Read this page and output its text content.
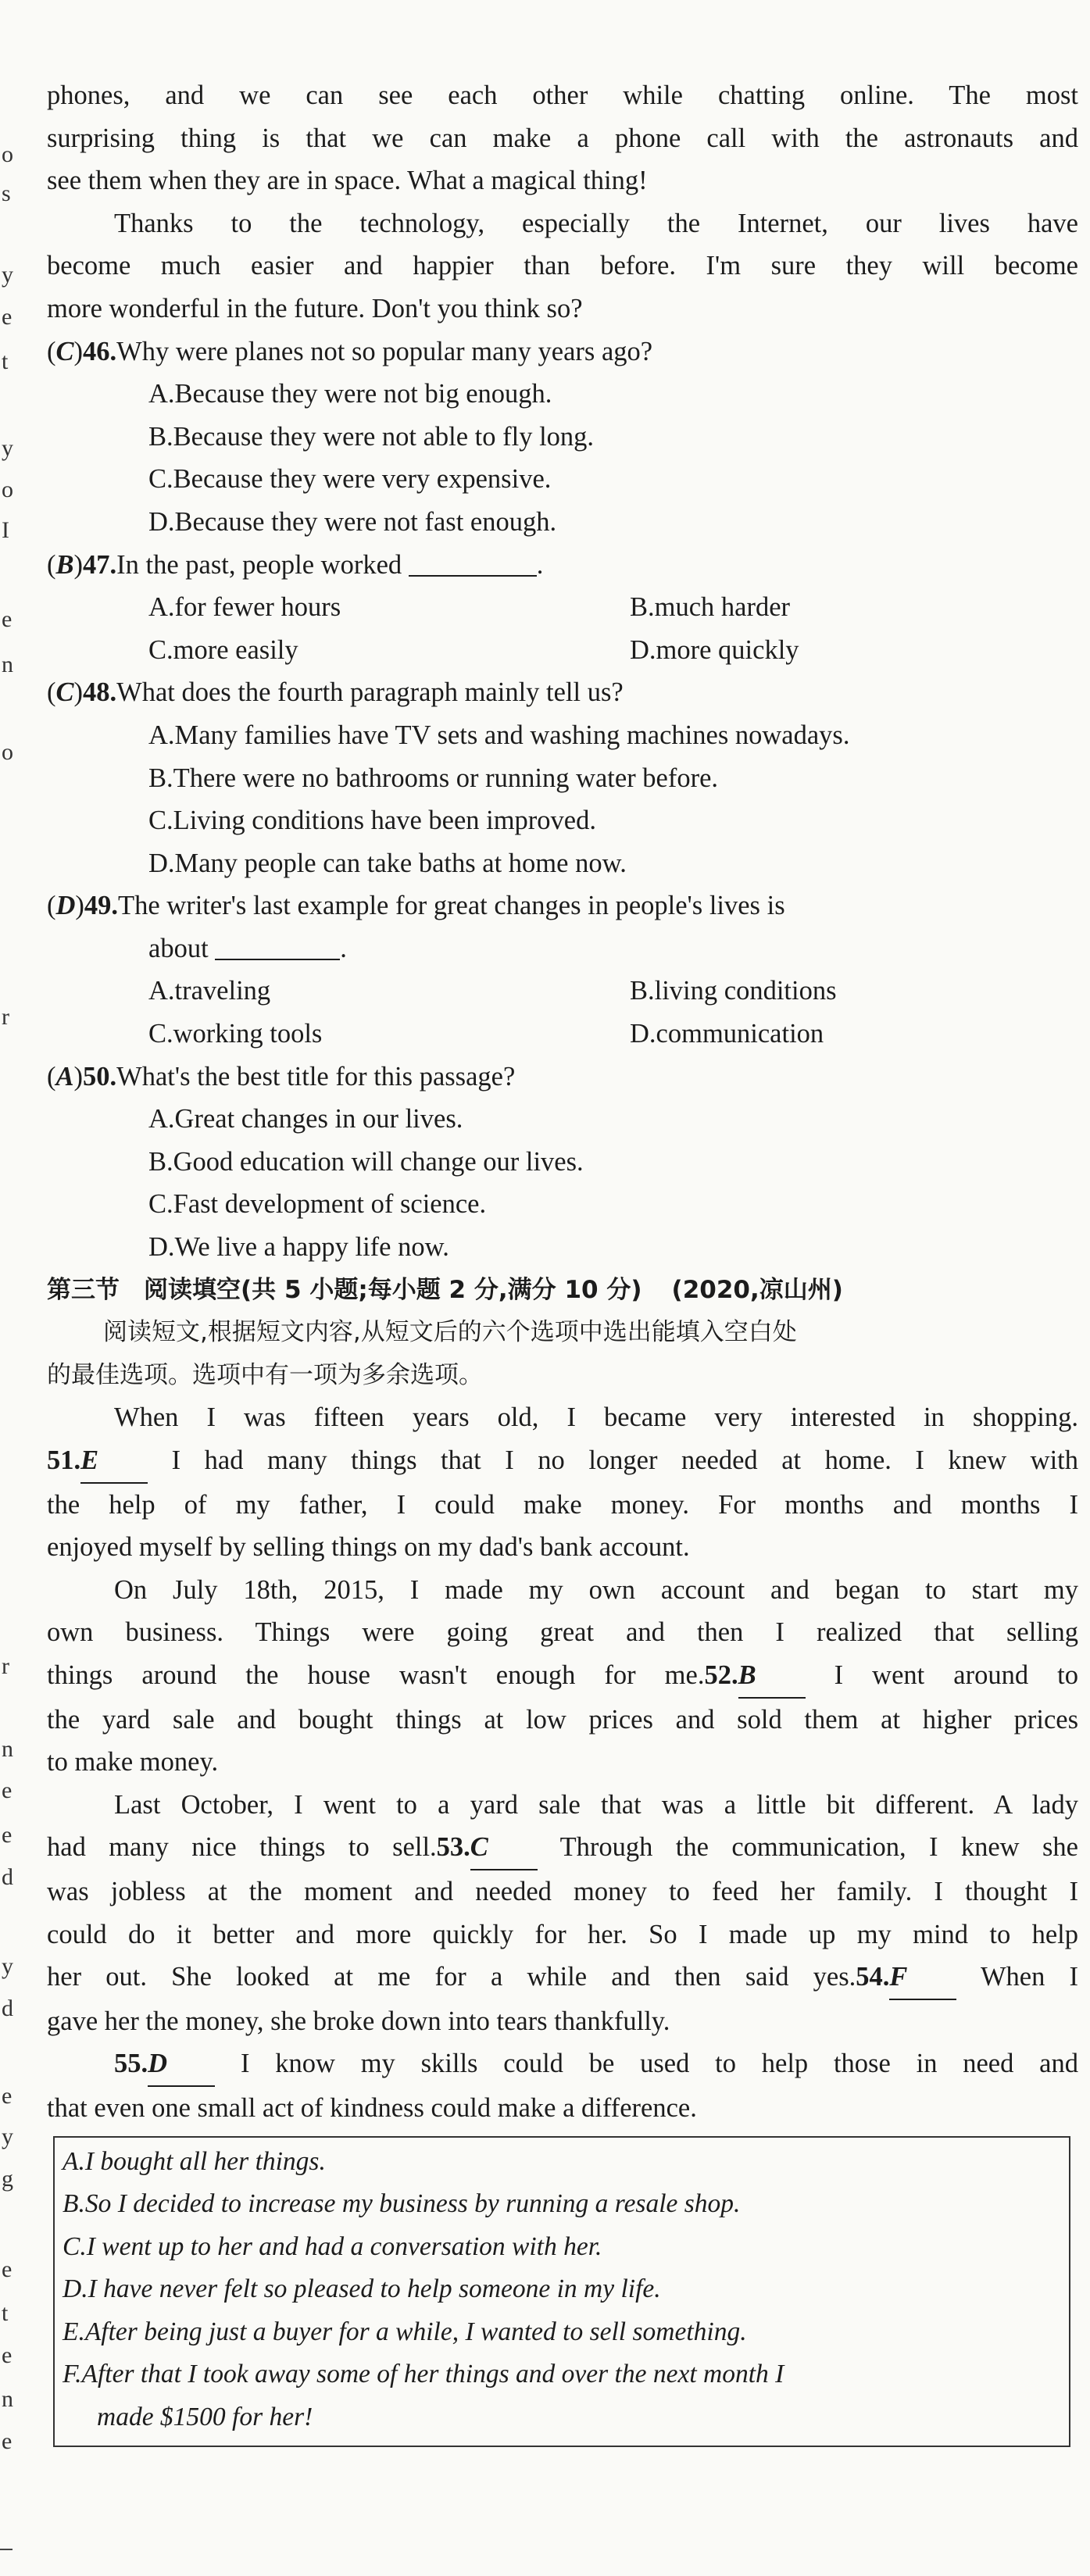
o
s
y
e
t
y
o
I
e
n
o
r
r
n
e
e
d
y
d
e
y
g
e
t
e
n
e

phones, and we can see each other while chatting online. The most

surprising thing is that we can make a phone call with the astronauts and

see them when they are in space. What a magical thing!

Thanks to the technology, especially the Internet, our lives have

become much easier and happier than before. I'm sure they will become

more wonderful in the future. Don't you think so?

(C)46.Why were planes not so popular many years ago?

A.Because they were not big enough.

B.Because they were not able to fly long.

C.Because they were very expensive.

D.Because they were not fast enough.

(B)47.In the past, people worked	.

A.for fewer hours	B.much harder

C.more easily	D.more quickly

(C)48.What does the fourth paragraph mainly tell us?

A.Many families have TV sets and washing machines nowadays.

B.There were no bathrooms or running water before.

C.Living conditions have been improved.

D.Many people can take baths at home now.

(D)49.The writer's last example for great changes in people's lives is

about	.

A.traveling	B.living conditions

C.working tools	D.communication

(A)50.What's the best title for this passage?

A.Great changes in our lives.

B.Good education will change our lives.

C.Fast development of science.

D.We live a happy life now.

第三节　阅读填空(共 5 小题;每小题 2 分,满分 10 分) (2020,凉山州)

阅读短文,根据短文内容,从短文后的六个选项中选出能填入空白处

的最佳选项。选项中有一项为多余选项。

When I was fifteen years old, I became very interested in shopping.

51.E	I had many things that I no longer needed at home. I knew with

the help of my father, I could make money. For months and months I

enjoyed myself by selling things on my dad's bank account.

On July 18th, 2015, I made my own account and began to start my

own business. Things were going great and then I realized that selling

things around the house wasn't enough for me.52.B	I went around to

the yard sale and bought things at low prices and sold them at higher prices

to make money.

Last October, I went to a yard sale that was a little bit different. A lady

had many nice things to sell.53.C	Through the communication, I knew she

was jobless at the moment and needed money to feed her family. I thought I

could do it better and more quickly for her. So I made up my mind to help

her out. She looked at me for a while and then said yes.54.F	When I

gave her the money, she broke down into tears thankfully.

55.D	I know my skills could be used to help those in need and

that even one small act of kindness could make a difference.

A.I bought all her things.

B.So I decided to increase my business by running a resale shop.

C.I went up to her and had a conversation with her.

D.I have never felt so pleased to help someone in my life.

E.After being just a buyer for a while, I wanted to sell something.

F.After that I took away some of her things and over the next month I

made $1500 for her!
